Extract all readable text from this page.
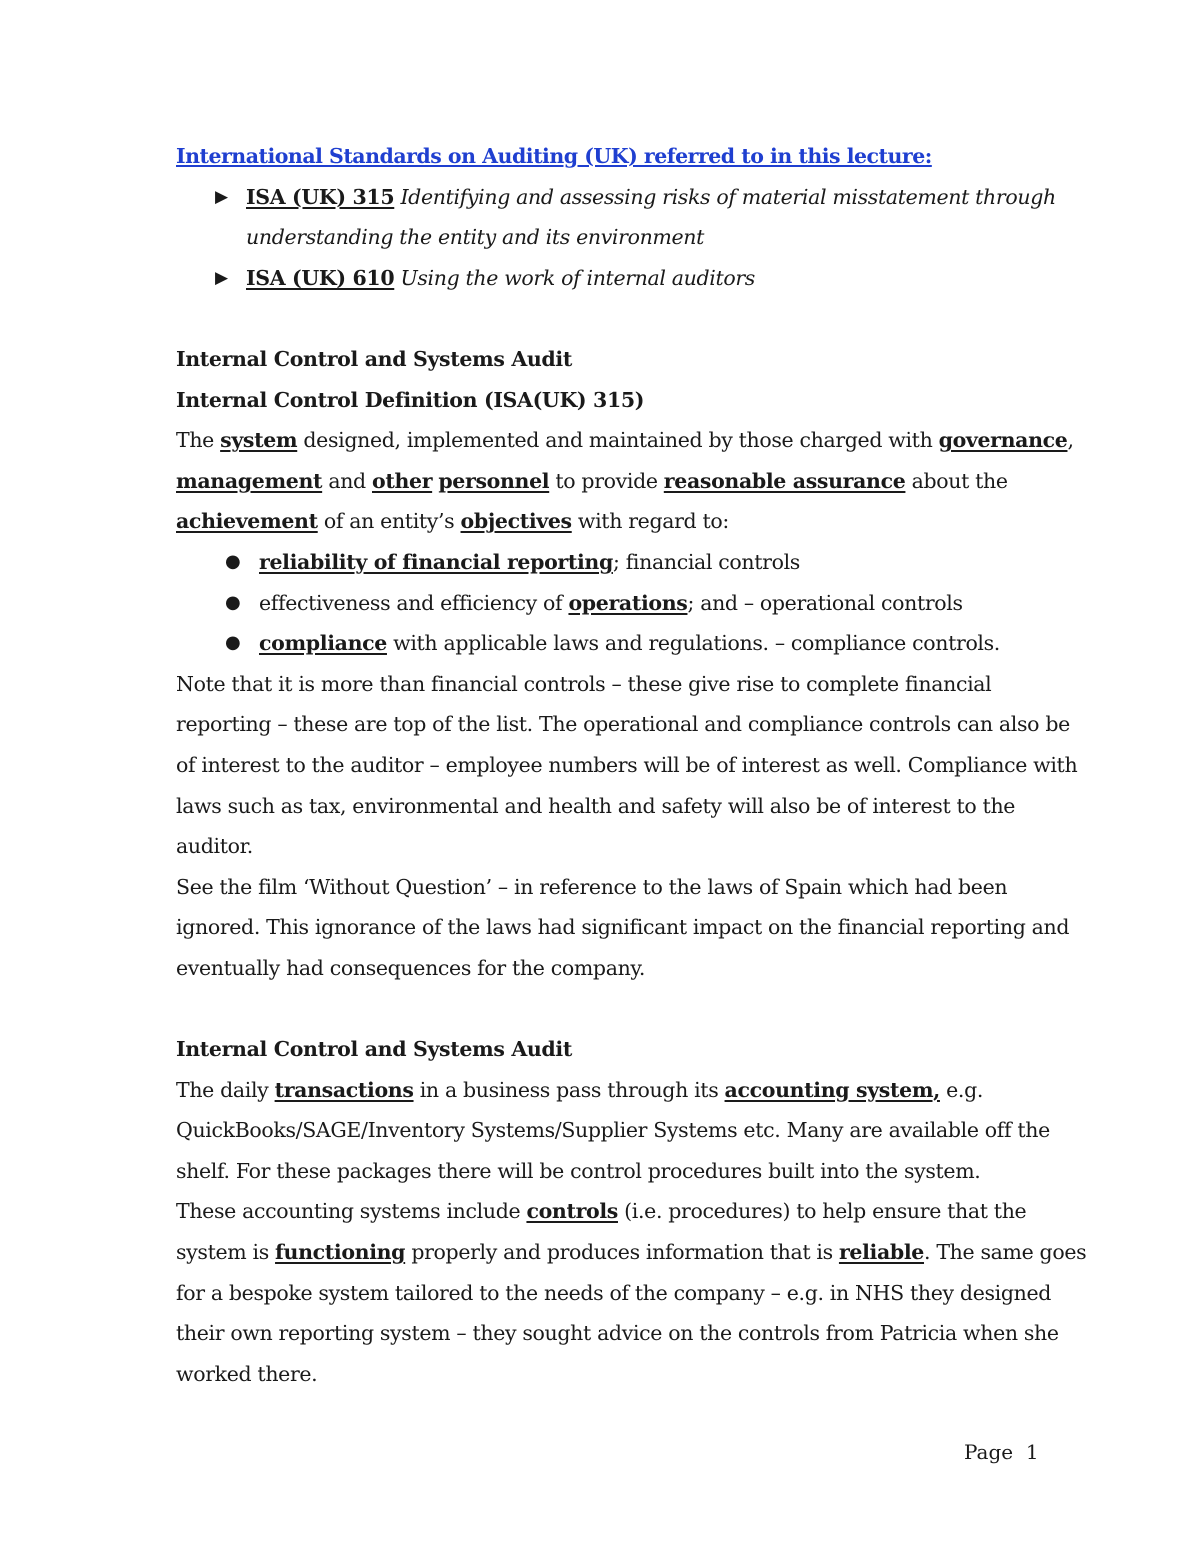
International Standards on Auditing (UK) referred to in this lecture:
▶ ISA (UK) 315 Identifying and assessing risks of material misstatement through
understanding the entity and its environment
▶ ISA (UK) 610 Using the work of internal auditors
Internal Control and Systems Audit
Internal Control Definition (ISA(UK) 315)
The system designed, implemented and maintained by those charged with governance,
management and other personnel to provide reasonable assurance about the
achievement of an entity’s objectives with regard to:
● reliability of financial reporting; financial controls
● effectiveness and efficiency of operations; and – operational controls
● compliance with applicable laws and regulations. – compliance controls.
Note that it is more than financial controls – these give rise to complete financial
reporting – these are top of the list. The operational and compliance controls can also be
of interest to the auditor – employee numbers will be of interest as well. Compliance with
laws such as tax, environmental and health and safety will also be of interest to the
auditor.
See the film ‘Without Question’ – in reference to the laws of Spain which had been
ignored. This ignorance of the laws had significant impact on the financial reporting and
eventually had consequences for the company.
Internal Control and Systems Audit
The daily transactions in a business pass through its accounting system, e.g.
QuickBooks/SAGE/Inventory Systems/Supplier Systems etc. Many are available off the
shelf. For these packages there will be control procedures built into the system.
These accounting systems include controls (i.e. procedures) to help ensure that the
system is functioning properly and produces information that is reliable. The same goes
for a bespoke system tailored to the needs of the company – e.g. in NHS they designed
their own reporting system – they sought advice on the controls from Patricia when she
worked there.
Page 1
